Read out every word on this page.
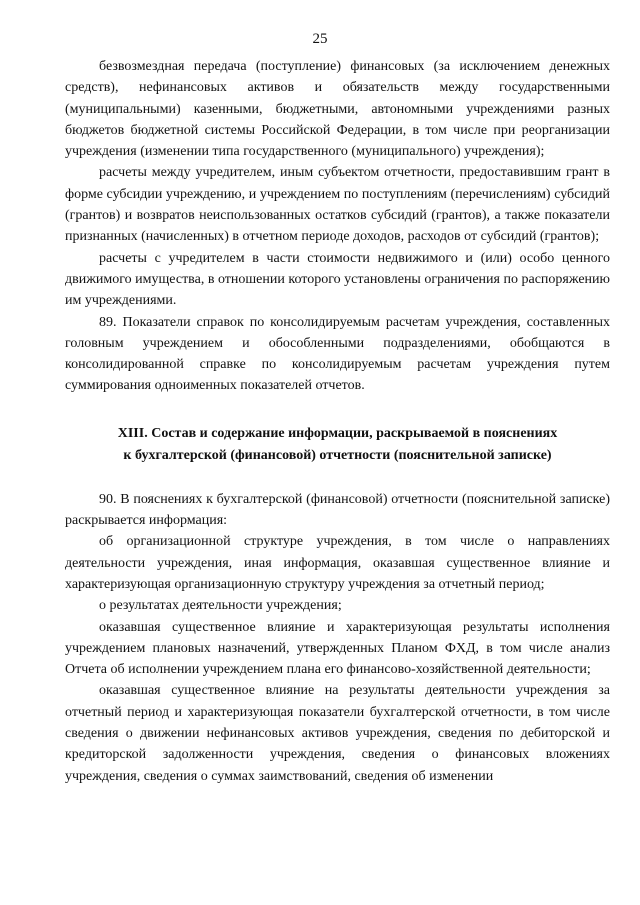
25

безвозмездная передача (поступление) финансовых (за исключением денежных средств), нефинансовых активов и обязательств между государственными (муниципальными) казенными, бюджетными, автономными учреждениями разных бюджетов бюджетной системы Российской Федерации, в том числе при реорганизации учреждения (изменении типа государственного (муниципального) учреждения);

расчеты между учредителем, иным субъектом отчетности, предоставившим грант в форме субсидии учреждению, и учреждением по поступлениям (перечислениям) субсидий (грантов) и возвратов неиспользованных остатков субсидий (грантов), а также показатели признанных (начисленных) в отчетном периоде доходов, расходов от субсидий (грантов);

расчеты с учредителем в части стоимости недвижимого и (или) особо ценного движимого имущества, в отношении которого установлены ограничения по распоряжению им учреждениями.

89. Показатели справок по консолидируемым расчетам учреждения, составленных головным учреждением и обособленными подразделениями, обобщаются в консолидированной справке по консолидируемым расчетам учреждения путем суммирования одноименных показателей отчетов.

XIII. Состав и содержание информации, раскрываемой в пояснениях
к бухгалтерской (финансовой) отчетности (пояснительной записке)

90. В пояснениях к бухгалтерской (финансовой) отчетности (пояснительной записке) раскрывается информация:

об организационной структуре учреждения, в том числе о направлениях деятельности учреждения, иная информация, оказавшая существенное влияние и характеризующая организационную структуру учреждения за отчетный период;

о результатах деятельности учреждения;

оказавшая существенное влияние и характеризующая результаты исполнения учреждением плановых назначений, утвержденных Планом ФХД, в том числе анализ Отчета об исполнении учреждением плана его финансово-хозяйственной деятельности;

оказавшая существенное влияние на результаты деятельности учреждения за отчетный период и характеризующая показатели бухгалтерской отчетности, в том числе сведения о движении нефинансовых активов учреждения, сведения по дебиторской и кредиторской задолженности учреждения, сведения о финансовых вложениях учреждения, сведения о суммах заимствований, сведения об изменении
